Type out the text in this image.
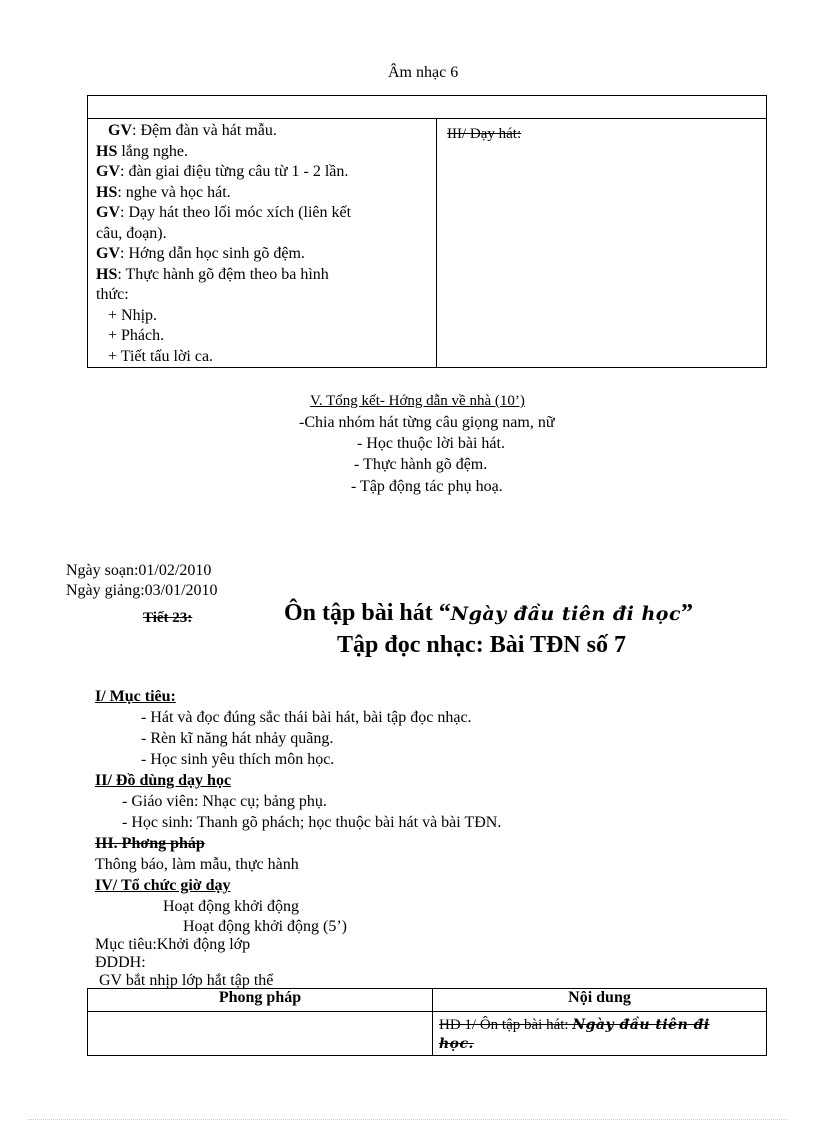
Âm nhạc 6

GV: Đệm đàn và hát mẫu.
HS lắng nghe.
GV: đàn giai điệu từng câu từ 1 - 2 lần.
HS: nghe và học hát.
GV: Dạy hát theo lối móc xích (liên kết
câu, đoạn).
GV: Hớng dẫn học sinh gõ đệm.
HS: Thực hành gõ đệm theo ba hình
thức:
+ Nhịp.
+ Phách.
+ Tiết tấu lời ca.
	III/ Dạy hát:
V. Tổng kết- Hớng dẫn về nhà (10’)
-Chia nhóm hát từng câu giọng nam, nữ
- Học thuộc lời bài hát.
- Thực hành gõ đệm.
- Tập động tác phụ hoạ.
Ngày soạn:01/02/2010
Ngày giảng:03/01/2010
Tiết 23:	Ôn tập bài hát “Ngày đầu tiên đi học”
Tập đọc nhạc: Bài TĐN số 7
I/ Mục tiêu:
- Hát và đọc đúng sắc thái bài hát, bài tập đọc nhạc.
- Rèn kĩ năng hát nhảy quãng.
- Học sinh yêu thích môn học.
II/ Đồ dùng dạy học
- Giáo viên: Nhạc cụ; bảng phụ.
- Học sinh: Thanh gõ phách; học thuộc bài hát và bài TĐN.
III. Phơng pháp
Thông báo, làm mẫu, thực hành
IV/ Tổ chức giờ dạy
Hoạt động khởi động
Hoạt động khởi động (5’)
Mục tiêu:Khởi động lớp
ĐDDH:
GV bắt nhịp lớp hắt tập thể
Phong pháp	Nội dung

	HĐ 1/ Ôn tập bài hát: Ngày đầu tiên đi
học.
